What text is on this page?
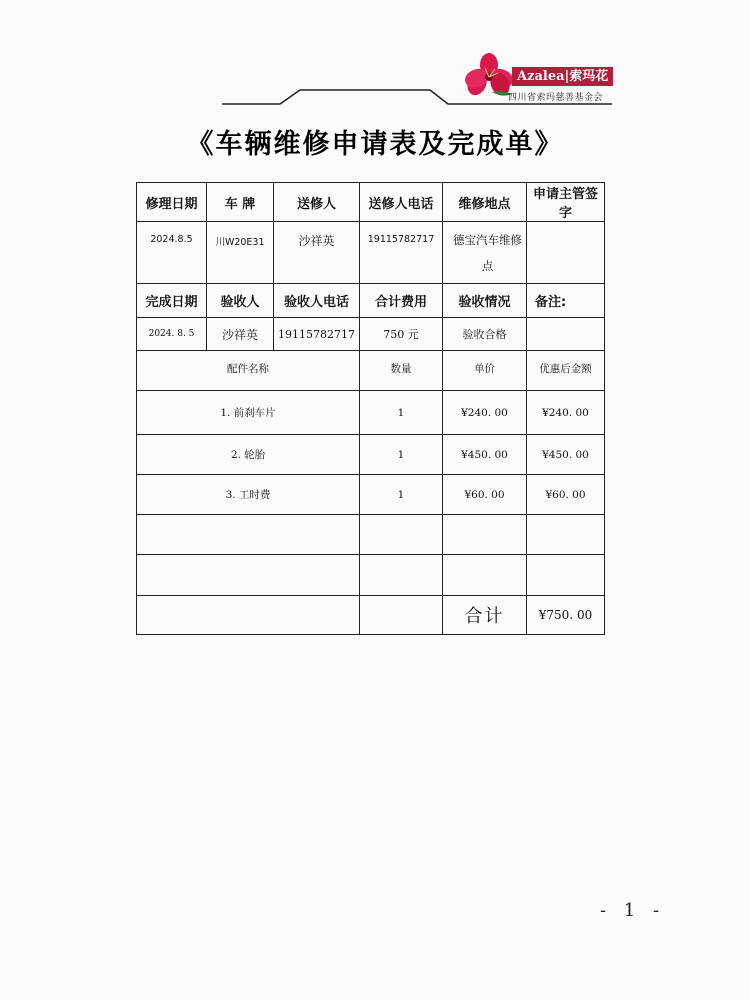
Azalea|索玛花
四川省索玛慈善基金会
《车辆维修申请表及完成单》
修理日期	车 牌	送修人	送修人电话	维修地点	申请主管签字
2024.8.5	川W20E31	沙祥英	19115782717	德宝汽车维修点	
完成日期	验收人	验收人电话	合计费用	验收情况	备注:
2024. 8. 5	沙祥英	19115782717	750 元	验收合格	
配件名称			数量	单价	优惠后金额
1. 前刹车片			1	¥240. 00	¥240. 00
2. 轮胎			1	¥450. 00	¥450. 00
3. 工时费			1	¥60. 00	¥60. 00

				合计	¥750. 00
- 1 -
